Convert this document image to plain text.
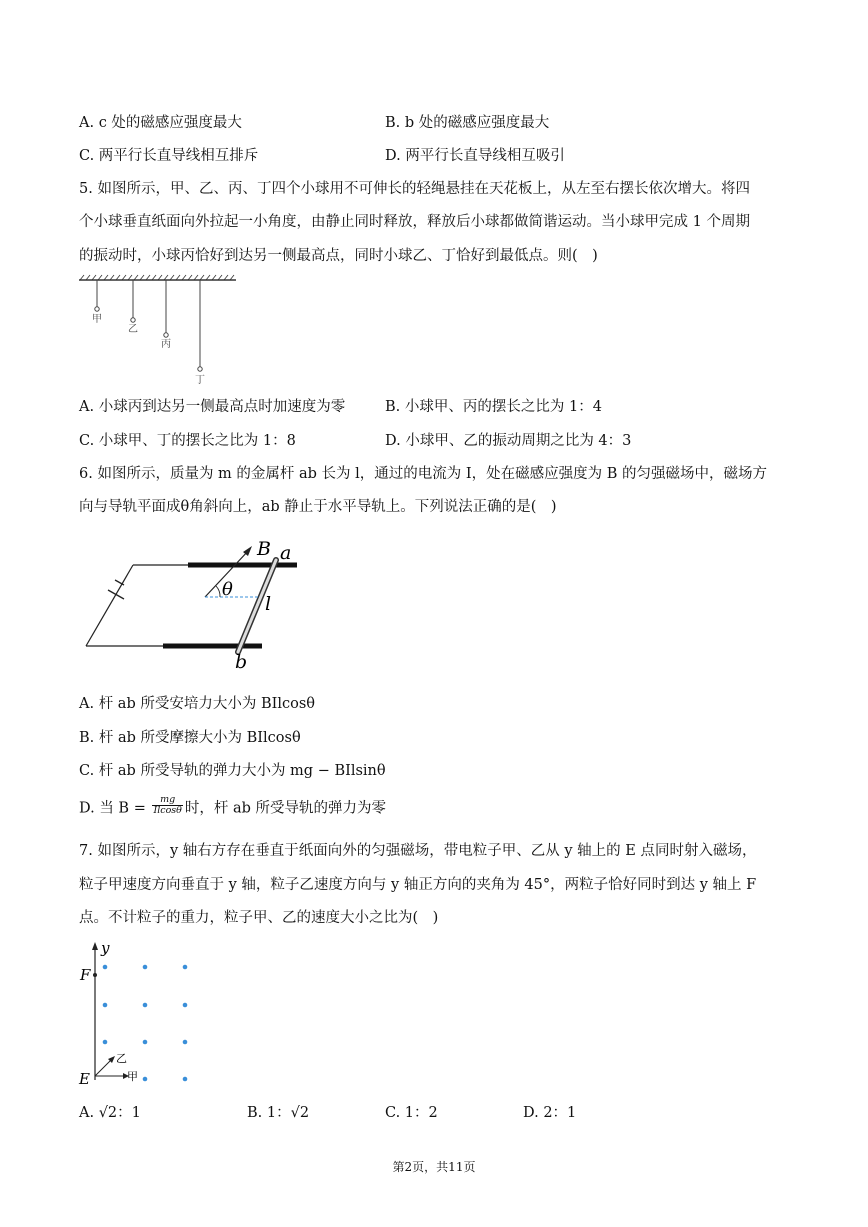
A. c 处的磁感应强度最大	B. b 处的磁感应强度最大
C. 两平行长直导线相互排斥	D. 两平行长直导线相互吸引
5. 如图所示，甲、乙、丙、丁四个小球用不可伸长的轻绳悬挂在天花板上，从左至右摆长依次增大。将四
个小球垂直纸面向外拉起一小角度，由静止同时释放，释放后小球都做简谐运动。当小球甲完成 1 个周期
的振动时，小球丙恰好到达另一侧最高点，同时小球乙、丁恰好到最低点。则(　)
甲
乙
丙
丁
A. 小球丙到达另一侧最高点时加速度为零	B. 小球甲、丙的摆长之比为 1：4
C. 小球甲、丁的摆长之比为 1：8	D. 小球甲、乙的振动周期之比为 4：3
6. 如图所示，质量为 m 的金属杆 ab 长为 l，通过的电流为 I，处在磁感应强度为 B 的匀强磁场中，磁场方
向与导轨平面成θ角斜向上，ab 静止于水平导轨上。下列说法正确的是(　)
B a
θ
l
b
A. 杆 ab 所受安培力大小为 BIlcosθ
B. 杆 ab 所受摩擦大小为 BIlcosθ
C. 杆 ab 所受导轨的弹力大小为 mg − BIlsinθ
D. 当 $B = \frac{mg}{Ilcos\theta}$ 时，杆 ab 所受导轨的弹力为零
7. 如图所示，y 轴右方存在垂直于纸面向外的匀强磁场，带电粒子甲、乙从 y 轴上的 E 点同时射入磁场，
粒子甲速度方向垂直于 y 轴，粒子乙速度方向与 y 轴正方向的夹角为 45°，两粒子恰好同时到达 y 轴上 F
点。不计粒子的重力，粒子甲、乙的速度大小之比为(　)
y
F
E
乙
甲
A. √2：1	B. 1：√2	C. 1：2	D. 2：1
第2页，共11页
